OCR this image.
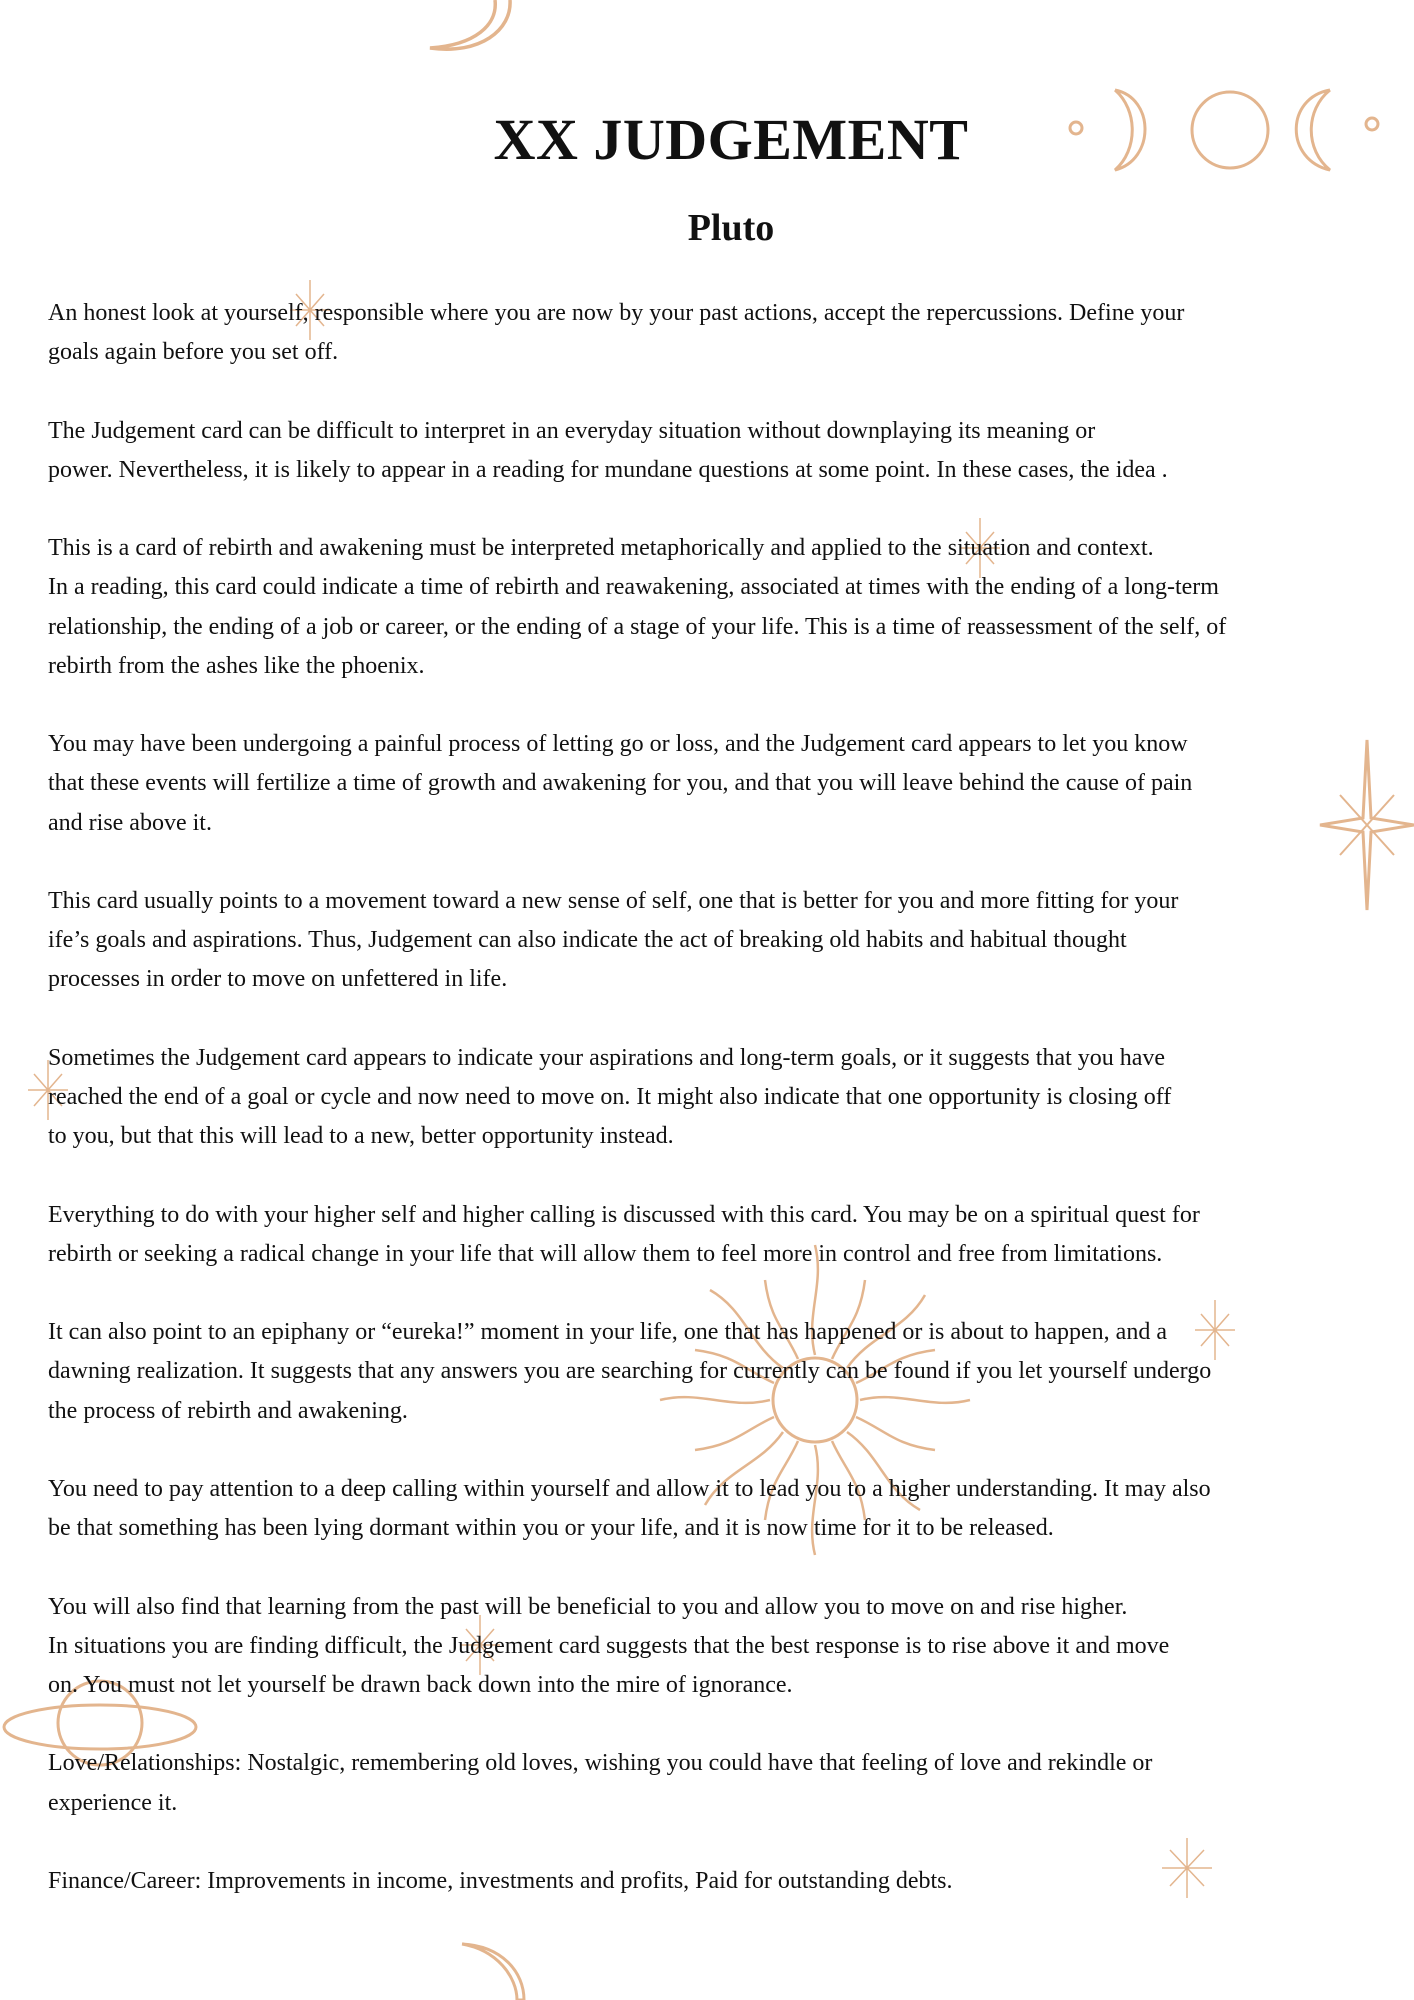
XX JUDGEMENT
Pluto

An honest look at yourself, responsible where you are now by your past actions, accept the repercussions. Define your
goals again before you set off.

The Judgement card can be difficult to interpret in an everyday situation without downplaying its meaning or
power. Nevertheless, it is likely to appear in a reading for mundane questions at some point. In these cases, the idea .

This is a card of rebirth and awakening must be interpreted metaphorically and applied to the situation and context.
In a reading, this card could indicate a time of rebirth and reawakening, associated at times with the ending of a long-term
relationship, the ending of a job or career, or the ending of a stage of your life. This is a time of reassessment of the self, of
rebirth from the ashes like the phoenix.

You may have been undergoing a painful process of letting go or loss, and the Judgement card appears to let you know
that these events will fertilize a time of growth and awakening for you, and that you will leave behind the cause of pain
and rise above it.

This card usually points to a movement toward a new sense of self, one that is better for you and more fitting for your
ife’s goals and aspirations. Thus, Judgement can also indicate the act of breaking old habits and habitual thought
processes in order to move on unfettered in life.

Sometimes the Judgement card appears to indicate your aspirations and long-term goals, or it suggests that you have
reached the end of a goal or cycle and now need to move on. It might also indicate that one opportunity is closing off
to you, but that this will lead to a new, better opportunity instead.

Everything to do with your higher self and higher calling is discussed with this card. You may be on a spiritual quest for
rebirth or seeking a radical change in your life that will allow them to feel more in control and free from limitations.

It can also point to an epiphany or “eureka!” moment in your life, one that has happened or is about to happen, and a
dawning realization. It suggests that any answers you are searching for currently can be found if you let yourself undergo
the process of rebirth and awakening.

You need to pay attention to a deep calling within yourself and allow it to lead you to a higher understanding. It may also
be that something has been lying dormant within you or your life, and it is now time for it to be released.

You will also find that learning from the past will be beneficial to you and allow you to move on and rise higher.
In situations you are finding difficult, the Judgement card suggests that the best response is to rise above it and move
on. You must not let yourself be drawn back down into the mire of ignorance.

Love/Relationships: Nostalgic, remembering old loves, wishing you could have that feeling of love and rekindle or
experience it.

Finance/Career: Improvements in income, investments and profits, Paid for outstanding debts.
